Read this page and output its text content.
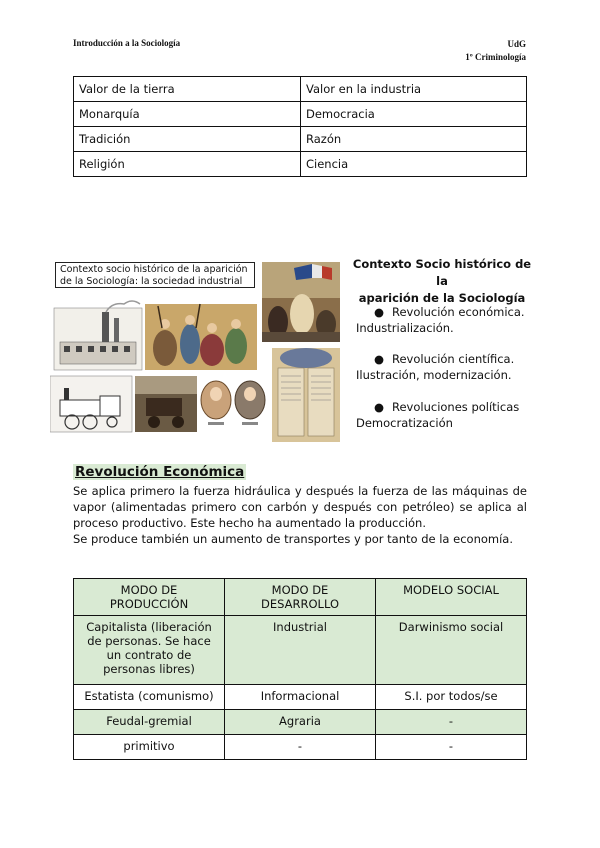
Introducción a la Sociología	UdG
1º Criminología
Valor de la tierra	Valor en la industria
Monarquía	Democracia
Tradición	Razón
Religión	Ciencia
Contexto socio histórico de la aparición
de la Sociología: la sociedad industrial
Contexto Socio histórico de la
aparición de la Sociología
● Revolución económica.
Industrialización.
● Revolución científica.
Ilustración, modernización.
● Revoluciones políticas
Democratización
Revolución Económica
Se aplica primero la fuerza hidráulica y después la fuerza de las máquinas de vapor (alimentadas primero con carbón y después con petróleo) se aplica al proceso productivo. Este hecho ha aumentado la producción.
Se produce también un aumento de transportes y por tanto de la economía.
MODO DE PRODUCCIÓN	MODO DE DESARROLLO	MODELO SOCIAL
Capitalista (liberación de personas. Se hace un contrato de personas libres)	Industrial	Darwinismo social
Estatista (comunismo)	Informacional	S.I. por todos/se
Feudal-gremial	Agraria	-
primitivo	-	-
